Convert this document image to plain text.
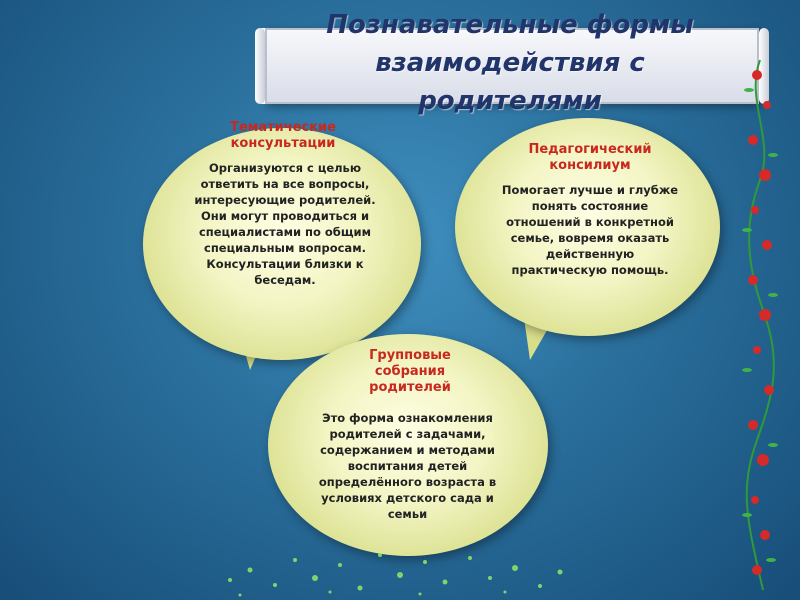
Познавательные формы взаимодействия с родителями
Тематические консультации
Организуются с целью ответить на все вопросы, интересующие родителей. Они могут проводиться и специалистами по общим специальным вопросам. Консультации близки к беседам.
Педагогический консилиум
Помогает лучше и глубже понять состояние отношений в конкретной семье, вовремя оказать действенную практическую помощь.
Групповые собрания родителей
Это форма ознакомления родителей с задачами, содержанием и методами воспитания детей определённого возраста в условиях детского сада и семьи
